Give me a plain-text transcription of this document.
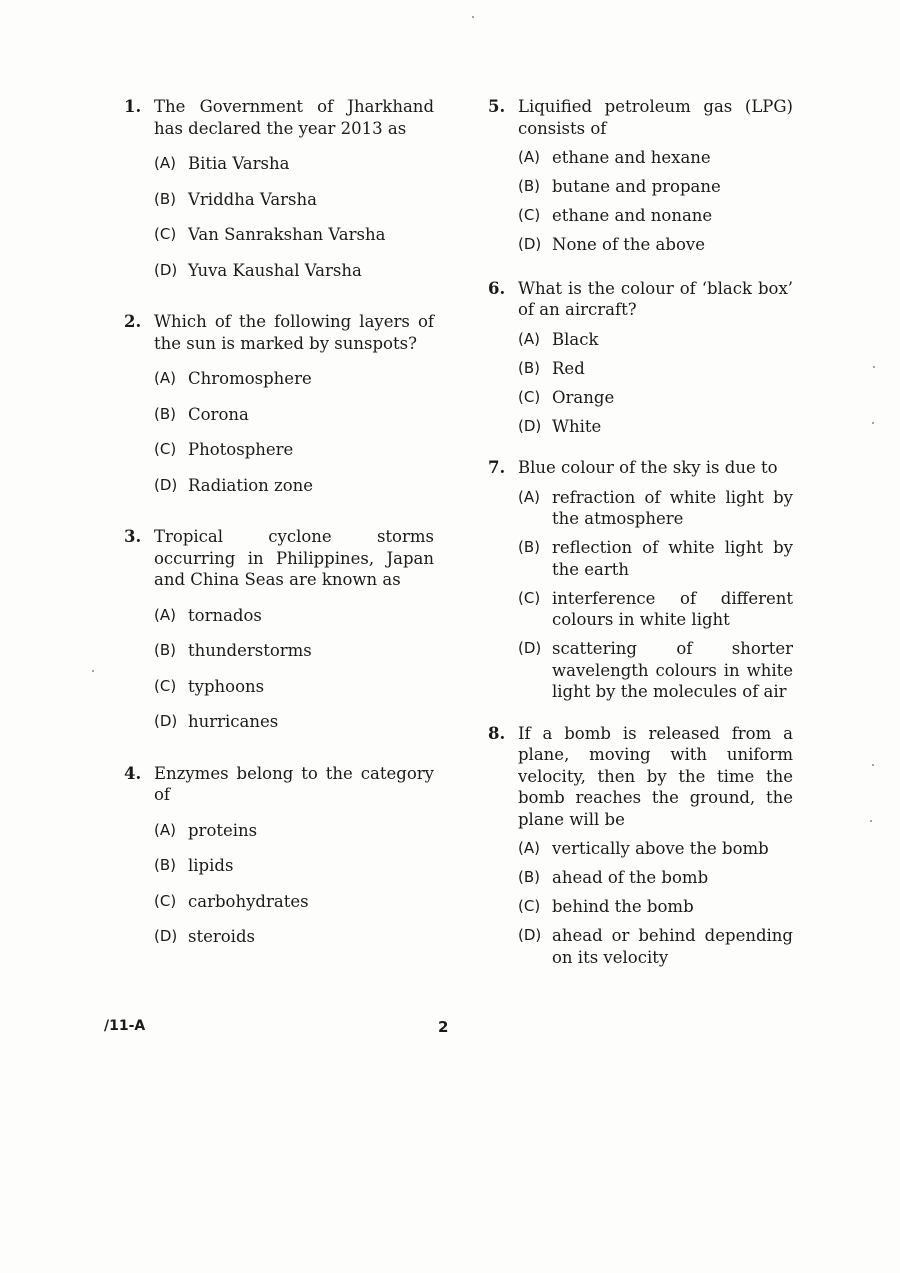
1. The Government of Jharkhand has declared the year 2013 as
(A) Bitia Varsha
(B) Vriddha Varsha
(C) Van Sanrakshan Varsha
(D) Yuva Kaushal Varsha
2. Which of the following layers of the sun is marked by sunspots?
(A) Chromosphere
(B) Corona
(C) Photosphere
(D) Radiation zone
3. Tropical cyclone storms occurring in Philippines, Japan and China Seas are known as
(A) tornados
(B) thunderstorms
(C) typhoons
(D) hurricanes
4. Enzymes belong to the category of
(A) proteins
(B) lipids
(C) carbohydrates
(D) steroids
5. Liquified petroleum gas (LPG) consists of
(A) ethane and hexane
(B) butane and propane
(C) ethane and nonane
(D) None of the above
6. What is the colour of ‘black box’ of an aircraft?
(A) Black
(B) Red
(C) Orange
(D) White
7. Blue colour of the sky is due to
(A) refraction of white light by the atmosphere
(B) reflection of white light by the earth
(C) interference of different colours in white light
(D) scattering of shorter wavelength colours in white light by the molecules of air
8. If a bomb is released from a plane, moving with uniform velocity, then by the time the bomb reaches the ground, the plane will be
(A) vertically above the bomb
(B) ahead of the bomb
(C) behind the bomb
(D) ahead or behind depending on its velocity
/11-A	2
